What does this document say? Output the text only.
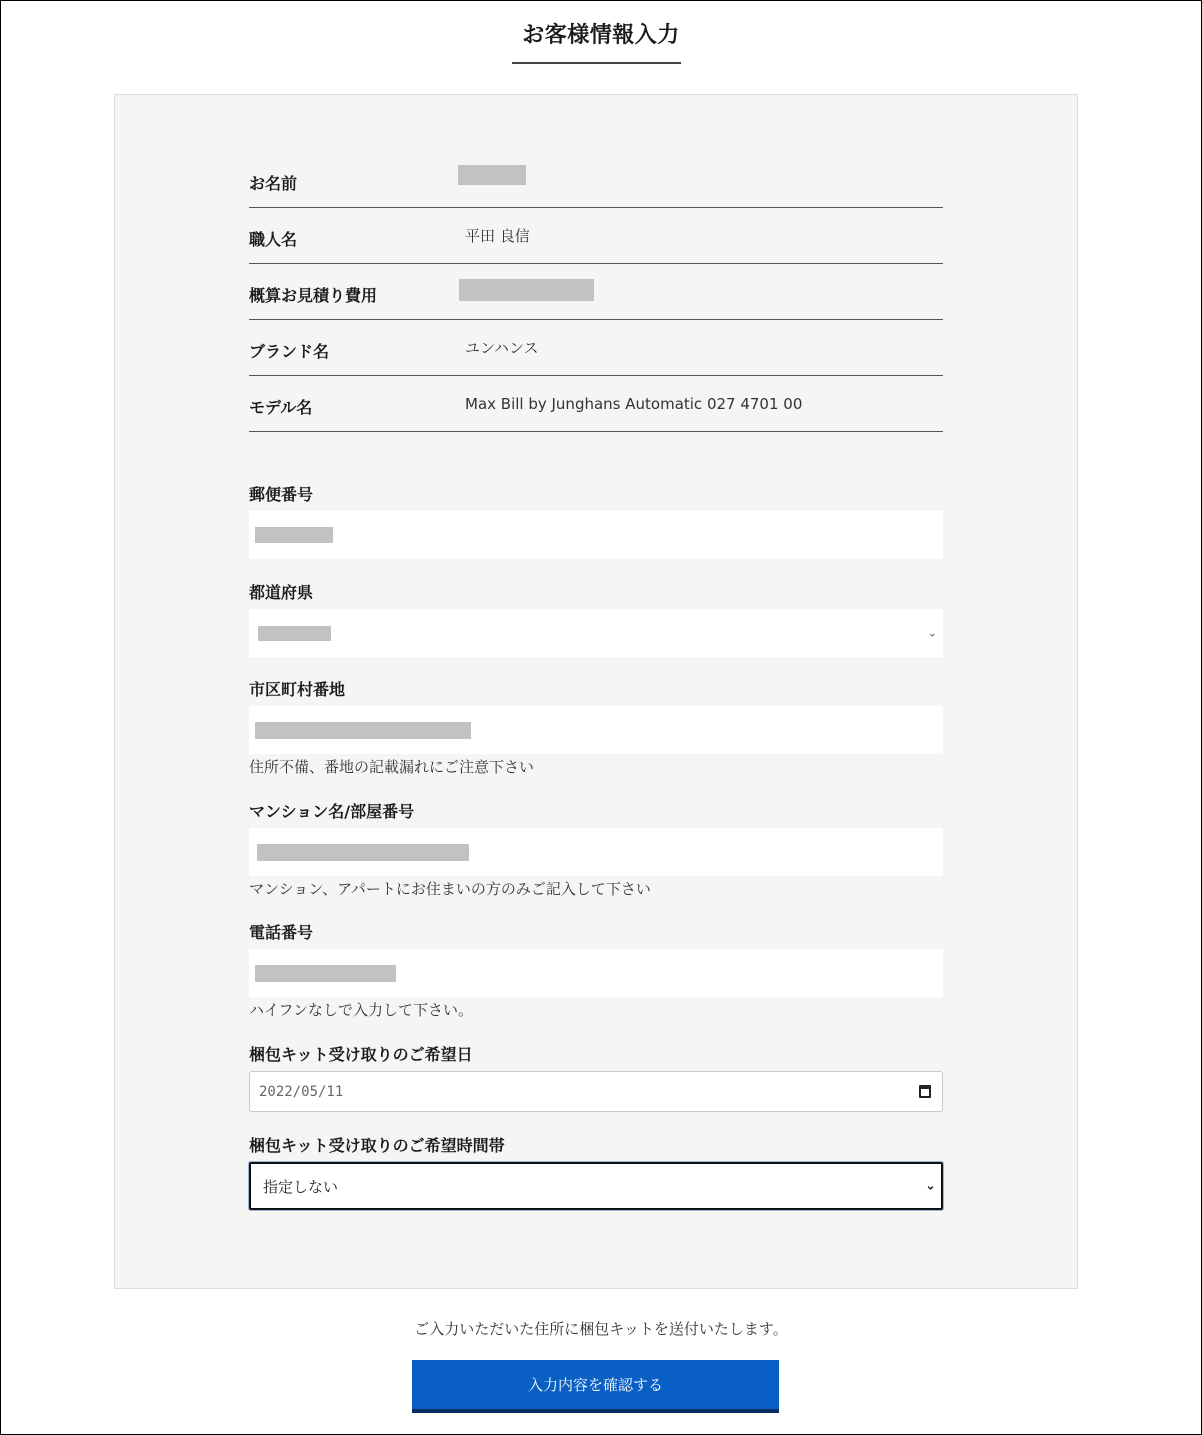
お客様情報入力
お名前
職人名	平田 良信
概算お見積り費用
ブランド名	ユンハンス
モデル名	Max Bill by Junghans Automatic 027 4701 00
郵便番号
都道府県
⌄
市区町村番地
住所不備、番地の記載漏れにご注意下さい
マンション名/部屋番号
マンション、アパートにお住まいの方のみご記入して下さい
電話番号
ハイフンなしで入力して下さい。
梱包キット受け取りのご希望日
2022/05/11
梱包キット受け取りのご希望時間帯
指定しない	⌄

ご入力いただいた住所に梱包キットを送付いたします。

入力内容を確認する
